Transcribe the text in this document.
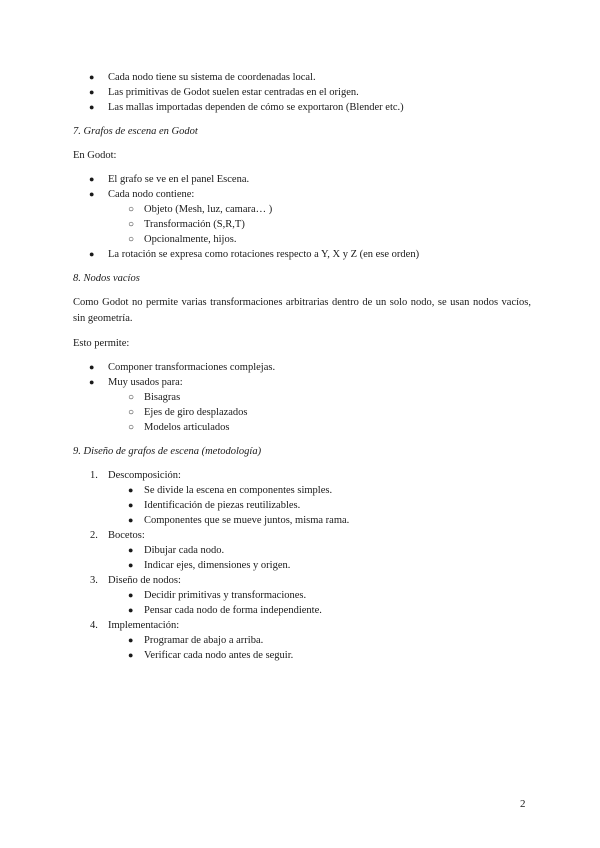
● Cada nodo tiene su sistema de coordenadas local.
● Las primitivas de Godot suelen estar centradas en el origen.
● Las mallas importadas dependen de cómo se exportaron (Blender etc.)
7. Grafos de escena en Godot
En Godot:
● El grafo se ve en el panel Escena.
● Cada nodo contiene:
○ Objeto (Mesh, luz, camara… )
○ Transformación (S,R,T)
○ Opcionalmente, hijos.
● La rotación se expresa como rotaciones respecto a Y, X y Z (en ese orden)
8. Nodos vacíos
Como Godot no permite varias transformaciones arbitrarias dentro de un solo nodo, se usan nodos vacíos, sin geometría.
Esto permite:
● Componer transformaciones complejas.
● Muy usados para:
○ Bisagras
○ Ejes de giro desplazados
○ Modelos articulados
9. Diseño de grafos de escena (metodología)
1. Descomposición:
● Se divide la escena en componentes simples.
● Identificación de piezas reutilizables.
● Componentes que se mueve juntos, misma rama.
2. Bocetos:
● Dibujar cada nodo.
● Indicar ejes, dimensiones y origen.
3. Diseño de nodos:
● Decidir primitivas y transformaciones.
● Pensar cada nodo de forma independiente.
4. Implementación:
● Programar de abajo a arriba.
● Verificar cada nodo antes de seguir.
2
